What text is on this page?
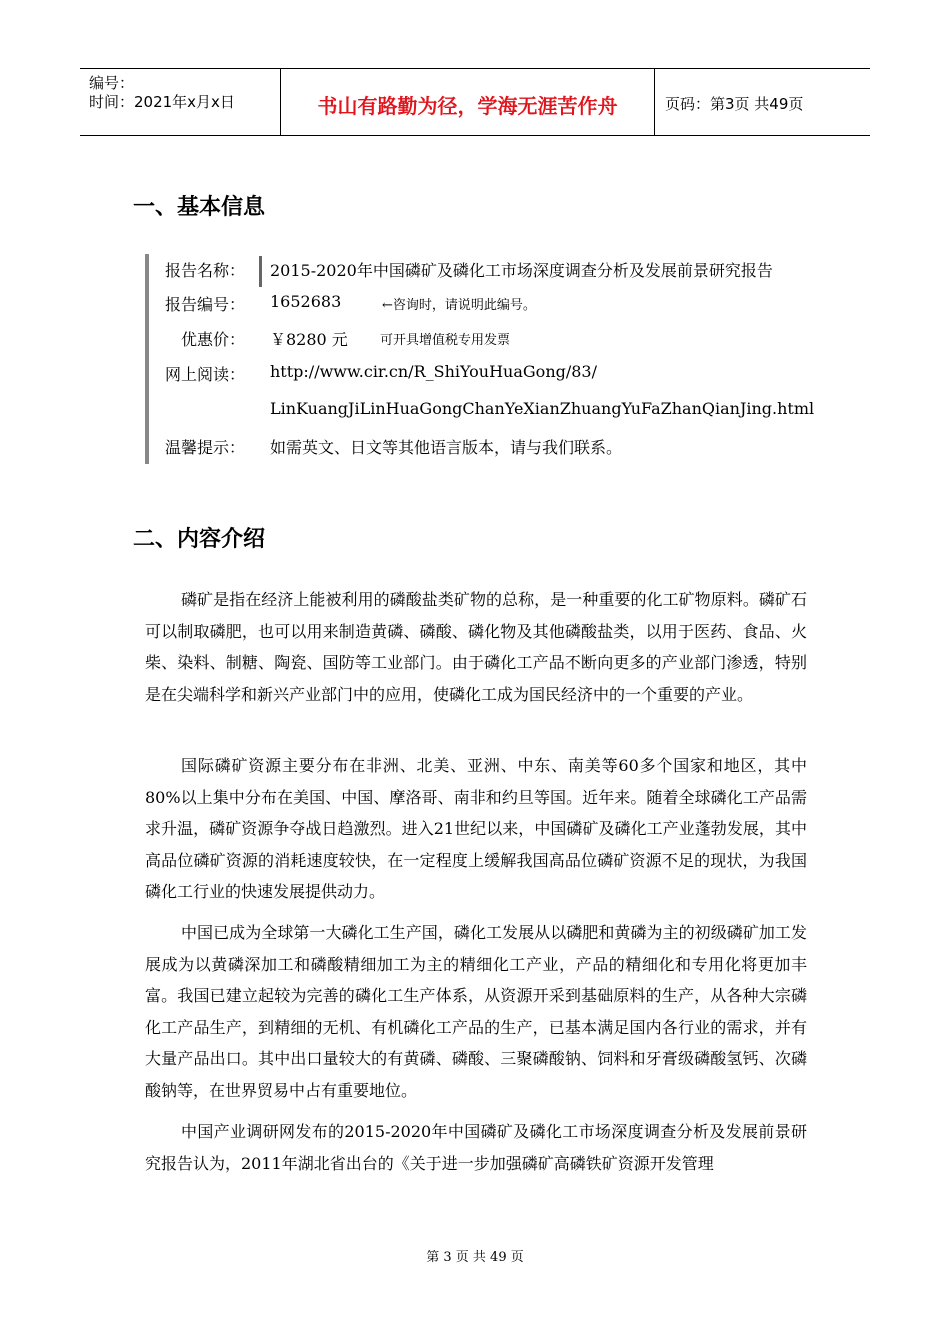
编号：
时间：2021年x月x日	书山有路勤为径，学海无涯苦作舟	页码：第3页 共49页
一、基本信息
报告名称： 2015-2020年中国磷矿及磷化工市场深度调查分析及发展前景研究报告
报告编号： 1652683	←咨询时，请说明此编号。
优惠价：	￥8280 元 可开具增值税专用发票
网上阅读： http://www.cir.cn/R_ShiYouHuaGong/83/
LinKuangJiLinHuaGongChanYeXianZhuangYuFaZhanQianJing.html
温馨提示： 如需英文、日文等其他语言版本，请与我们联系。
二、内容介绍

磷矿是指在经济上能被利用的磷酸盐类矿物的总称，是一种重要的化工矿物原料。磷矿石可以制取磷肥，也可以用来制造黄磷、磷酸、磷化物及其他磷酸盐类，以用于医药、食品、火柴、染料、制糖、陶瓷、国防等工业部门。由于磷化工产品不断向更多的产业部门渗透，特别是在尖端科学和新兴产业部门中的应用，使磷化工成为国民经济中的一个重要的产业。

国际磷矿资源主要分布在非洲、北美、亚洲、中东、南美等60多个国家和地区，其中80%以上集中分布在美国、中国、摩洛哥、南非和约旦等国。近年来。随着全球磷化工产品需求升温，磷矿资源争夺战日趋激烈。进入21世纪以来，中国磷矿及磷化工产业蓬勃发展，其中高品位磷矿资源的消耗速度较快，在一定程度上缓解我国高品位磷矿资源不足的现状，为我国磷化工行业的快速发展提供动力。

中国已成为全球第一大磷化工生产国，磷化工发展从以磷肥和黄磷为主的初级磷矿加工发展成为以黄磷深加工和磷酸精细加工为主的精细化工产业，产品的精细化和专用化将更加丰富。我国已建立起较为完善的磷化工生产体系，从资源开采到基础原料的生产，从各种大宗磷化工产品生产，到精细的无机、有机磷化工产品的生产，已基本满足国内各行业的需求，并有大量产品出口。其中出口量较大的有黄磷、磷酸、三聚磷酸钠、饲料和牙膏级磷酸氢钙、次磷酸钠等，在世界贸易中占有重要地位。

中国产业调研网发布的2015-2020年中国磷矿及磷化工市场深度调查分析及发展前景研究报告认为，2011年湖北省出台的《关于进一步加强磷矿高磷铁矿资源开发管理

第 3 页 共 49 页
